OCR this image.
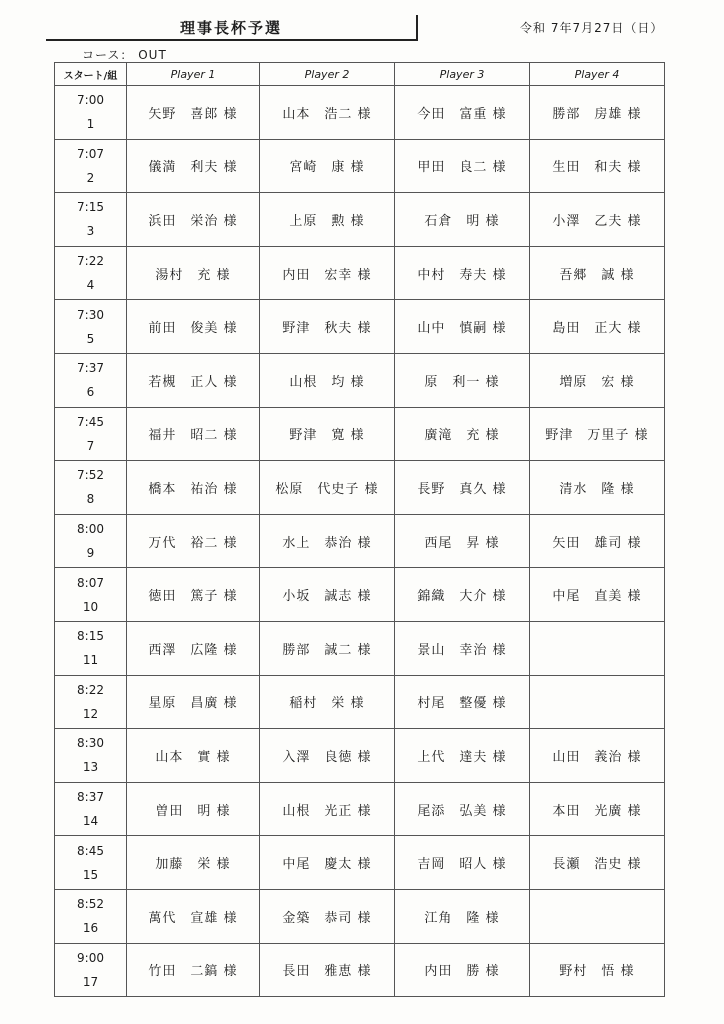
理事長杯予選	令和 7年7月27日（日）
コース： OUT
スタート/組	Player 1	Player 2	Player 3	Player 4

7:00
1	矢野　喜郎 様	山本　浩二 様	今田　富重 様	勝部　房雄 様

7:07
2	儀満　利夫 様	宮崎　康 様	甲田　良二 様	生田　和夫 様

7:15
3	浜田　栄治 様	上原　勲 様	石倉　明 様	小澤　乙夫 様

7:22
4	湯村　充 様	内田　宏幸 様	中村　寿夫 様	吾郷　誠 様

7:30
5	前田　俊美 様	野津　秋夫 様	山中　慎嗣 様	島田　正大 様

7:37
6	若槻　正人 様	山根　均 様	原　利一 様	増原　宏 様

7:45
7	福井　昭二 様	野津　寛 様	廣滝　充 様	野津　万里子 様

7:52
8	橋本　祐治 様	松原　代史子 様	長野　真久 様	清水　隆 様

8:00
9	万代　裕二 様	水上　恭治 様	西尾　昇 様	矢田　雄司 様

8:07
10	徳田　篤子 様	小坂　誠志 様	錦織　大介 様	中尾　直美 様

8:15
11	西澤　広隆 様	勝部　誠二 様	景山　幸治 様	

8:22
12	星原　昌廣 様	稲村　栄 様	村尾　整優 様	

8:30
13	山本　實 様	入澤　良徳 様	上代　達夫 様	山田　義治 様

8:37
14	曽田　明 様	山根　光正 様	尾添　弘美 様	本田　光廣 様

8:45
15	加藤　栄 様	中尾　慶太 様	吉岡　昭人 様	長瀬　浩史 様

8:52
16	萬代　宣雄 様	金築　恭司 様	江角　隆 様	

9:00
17	竹田　二鎬 様	長田　雅恵 様	内田　勝 様	野村　悟 様
